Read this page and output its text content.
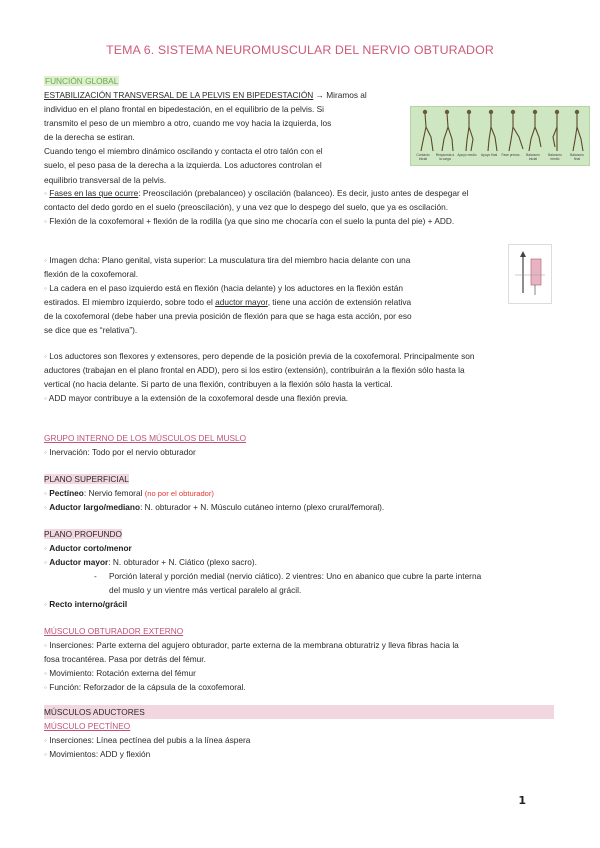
TEMA 6. SISTEMA NEUROMUSCULAR DEL NERVIO OBTURADOR
FUNCIÓN GLOBAL
ESTABILIZACIÓN TRANSVERSAL DE LA PELVIS EN BIPEDESTACIÓN → Miramos al
individuo en el plano frontal en bipedestación, en el equilibrio de la pelvis. Si
transmito el peso de un miembro a otro, cuando me voy hacia la izquierda, los
de la derecha se estiran.
Cuando tengo el miembro dinámico oscilando y contacta el otro talón con el
suelo, el peso pasa de la derecha a la izquierda. Los aductores controlan el
equilibrio transversal de la pelvis.
Contacto inicial
Respuesta a la carga
Apoyo medio	Apoyo final	Fase preosc.	Balanceo inicial
Balanceo medio
Balanceo final
◦ Fases en las que ocurre: Preoscilación (prebalanceo) y oscilación (balanceo). Es decir, justo antes de despegar el
contacto del dedo gordo en el suelo (preoscilación), y una vez que lo despego del suelo, que ya es oscilación.
◦ Flexión de la coxofemoral + flexión de la rodilla (ya que sino me chocaría con el suelo la punta del pie) + ADD.
◦ Imagen dcha: Plano genital, vista superior: La musculatura tira del miembro hacia delante con una
flexión de la coxofemoral.
◦ La cadera en el paso izquierdo está en flexión (hacia delante) y los aductores en la flexión están
estirados. El miembro izquierdo, sobre todo el aductor mayor, tiene una acción de extensión relativa
de la coxofemoral (debe haber una previa posición de flexión para que se haga esta acción, por eso
se dice que es “relativa”).
◦ Los aductores son flexores y extensores, pero depende de la posición previa de la coxofemoral. Principalmente son
aductores (trabajan en el plano frontal en ADD), pero si los estiro (extensión), contribuirán a la flexión sólo hasta la
vertical (no hacia delante. Si parto de una flexión, contribuyen a la flexión sólo hasta la vertical.
◦ ADD mayor contribuye a la extensión de la coxofemoral desde una flexión previa.
GRUPO INTERNO DE LOS MÚSCULOS DEL MUSLO
◦ Inervación: Todo por el nervio obturador
PLANO SUPERFICIAL
◦ Pectíneo: Nervio femoral (no por el obturador)
◦ Aductor largo/mediano: N. obturador + N. Músculo cutáneo interno (plexo crural/femoral).
PLANO PROFUNDO
◦ Aductor corto/menor
◦ Aductor mayor: N. obturador + N. Ciático (plexo sacro).
- Porción lateral y porción medial (nervio ciático). 2 vientres: Uno en abanico que cubre la parte interna
del muslo y un vientre más vertical paralelo al grácil.
◦ Recto interno/grácil
MÚSCULO OBTURADOR EXTERNO
◦ Inserciones: Parte externa del agujero obturador, parte externa de la membrana obturatriz y lleva fibras hacia la
fosa trocantérea. Pasa por detrás del fémur.
◦ Movimiento: Rotación externa del fémur
◦ Función: Reforzador de la cápsula de la coxofemoral.
MÚSCULOS ADUCTORES
MÚSCULO PECTÍNEO
◦ Inserciones: Línea pectínea del pubis a la línea áspera
◦ Movimientos: ADD y flexión
1
